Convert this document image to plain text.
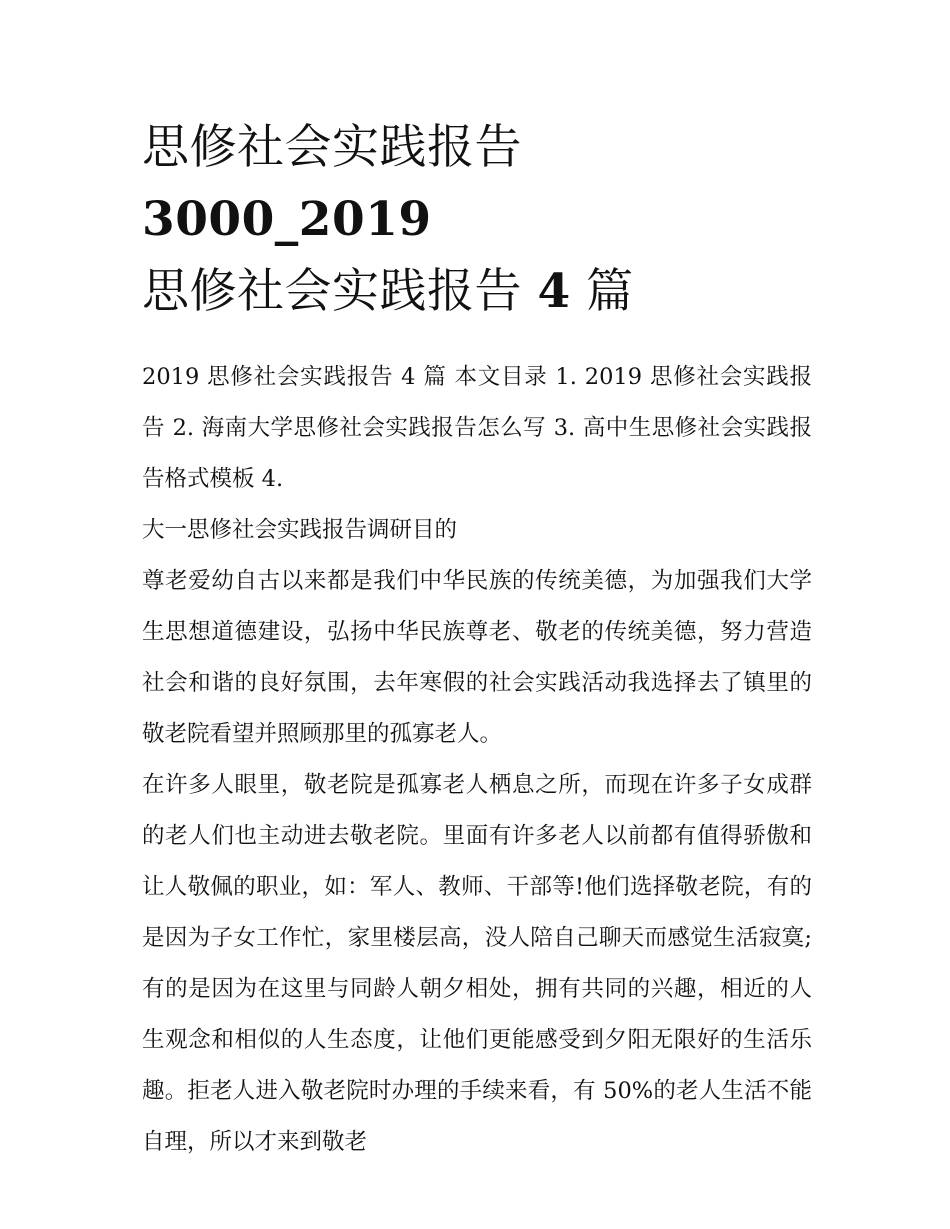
思修社会实践报告 3000_2019
思修社会实践报告 4 篇

2019 思修社会实践报告 4 篇 本文目录 1. 2019 思修社会实践报告 2. 海南大学思修社会实践报告怎么写 3. 高中生思修社会实践报告格式模板 4.

大一思修社会实践报告调研目的

尊老爱幼自古以来都是我们中华民族的传统美德，为加强我们大学生思想道德建设，弘扬中华民族尊老、敬老的传统美德，努力营造社会和谐的良好氛围，去年寒假的社会实践活动我选择去了镇里的敬老院看望并照顾那里的孤寡老人。

在许多人眼里，敬老院是孤寡老人栖息之所，而现在许多子女成群的老人们也主动进去敬老院。里面有许多老人以前都有值得骄傲和让人敬佩的职业，如：军人、教师、干部等!他们选择敬老院，有的是因为子女工作忙，家里楼层高，没人陪自己聊天而感觉生活寂寞;有的是因为在这里与同龄人朝夕相处，拥有共同的兴趣，相近的人生观念和相似的人生态度，让他们更能感受到夕阳无限好的生活乐趣。拒老人进入敬老院时办理的手续来看，有 50%的老人生活不能自理，所以才来到敬老
